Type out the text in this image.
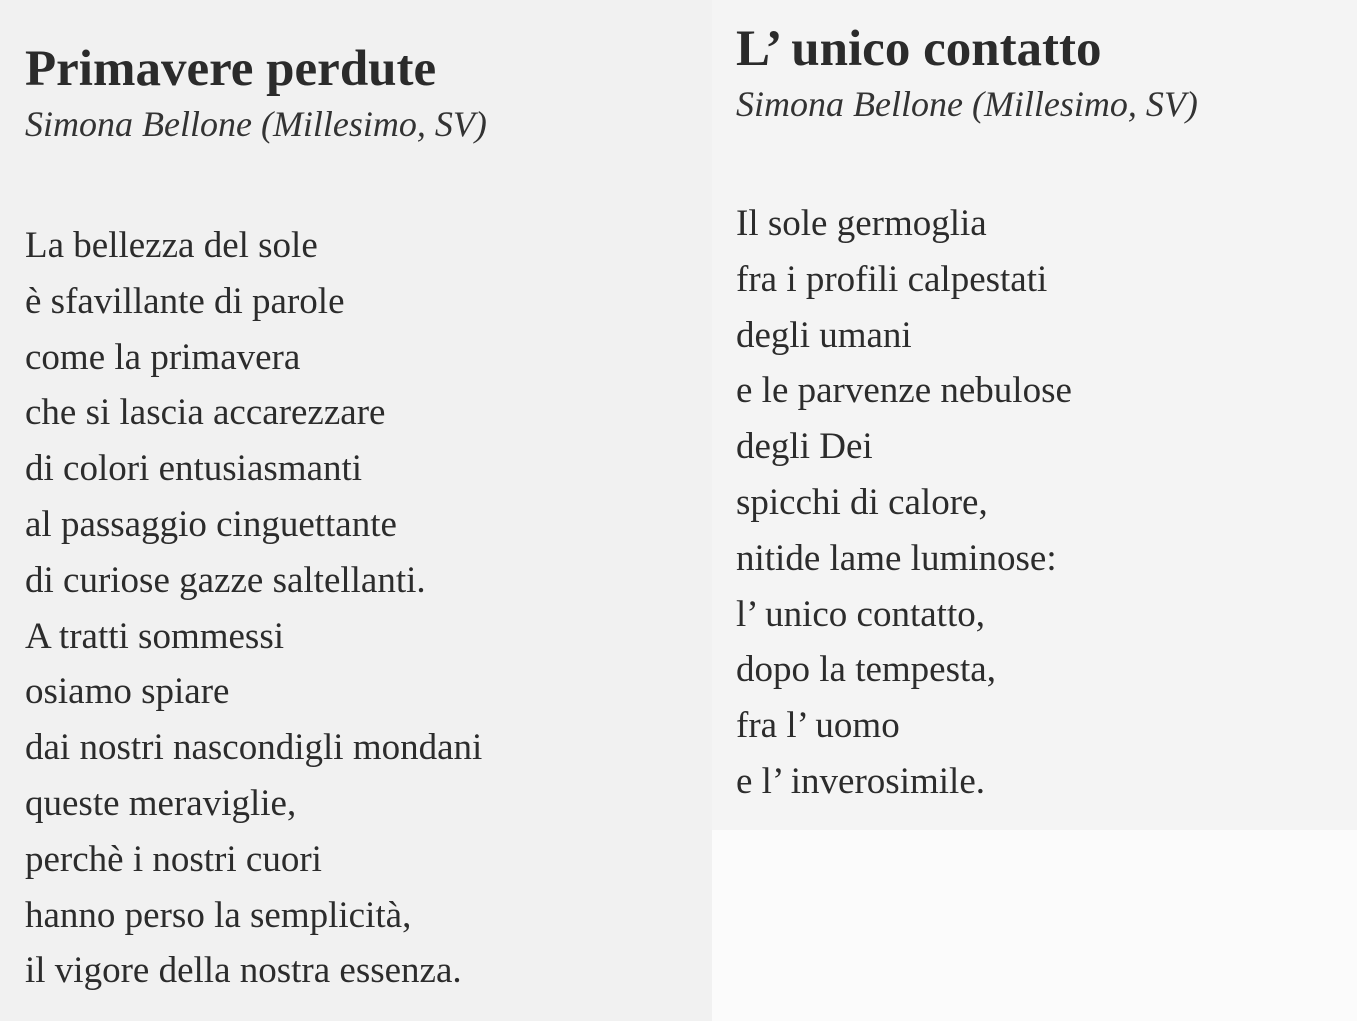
Primavere perdute

Simona Bellone (Millesimo, SV)

La bellezza del sole
è sfavillante di parole
come la primavera
che si lascia accarezzare
di colori entusiasmanti
al passaggio cinguettante
di curiose gazze saltellanti.
A tratti sommessi
osiamo spiare
dai nostri nascondigli mondani
queste meraviglie,
perchè i nostri cuori
hanno perso la semplicità,
il vigore della nostra essenza.
L’ unico contatto

Simona Bellone (Millesimo, SV)

Il sole germoglia
fra i profili calpestati
degli umani
e le parvenze nebulose
degli Dei
spicchi di calore,
nitide lame luminose:
l’ unico contatto,
dopo la tempesta,
fra l’ uomo
e l’ inverosimile.
